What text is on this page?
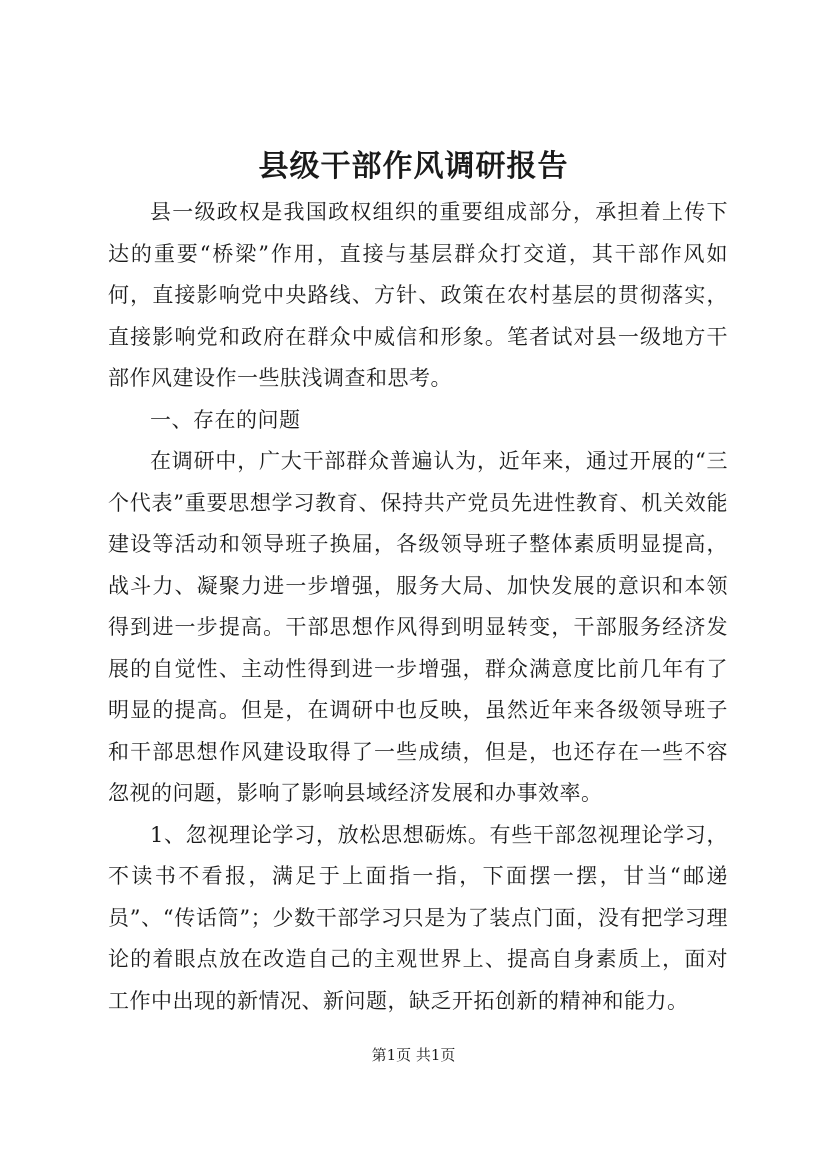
县级干部作风调研报告

县一级政权是我国政权组织的重要组成部分，承担着上传下达的重要“桥梁”作用，直接与基层群众打交道，其干部作风如何，直接影响党中央路线、方针、政策在农村基层的贯彻落实，直接影响党和政府在群众中威信和形象。笔者试对县一级地方干部作风建设作一些肤浅调查和思考。

一、存在的问题

在调研中，广大干部群众普遍认为，近年来，通过开展的“三个代表”重要思想学习教育、保持共产党员先进性教育、机关效能建设等活动和领导班子换届，各级领导班子整体素质明显提高，战斗力、凝聚力进一步增强，服务大局、加快发展的意识和本领得到进一步提高。干部思想作风得到明显转变，干部服务经济发展的自觉性、主动性得到进一步增强，群众满意度比前几年有了明显的提高。但是，在调研中也反映，虽然近年来各级领导班子和干部思想作风建设取得了一些成绩，但是，也还存在一些不容忽视的问题，影响了影响县域经济发展和办事效率。

1、忽视理论学习，放松思想砺炼。有些干部忽视理论学习，不读书不看报，满足于上面指一指，下面摆一摆，甘当“邮递员”、“传话筒”；少数干部学习只是为了装点门面，没有把学习理论的着眼点放在改造自己的主观世界上、提高自身素质上，面对工作中出现的新情况、新问题，缺乏开拓创新的精神和能力。

第1页 共1页
